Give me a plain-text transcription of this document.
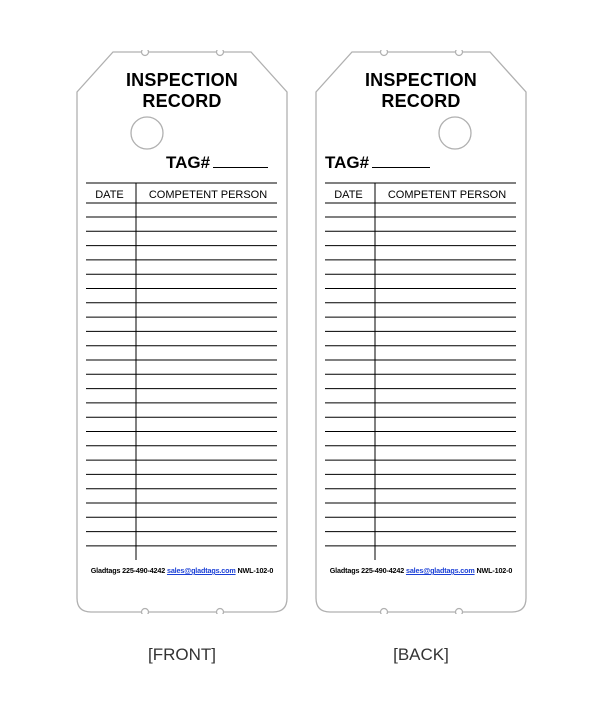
INSPECTION
RECORD
TAG#
DATE	COMPETENT PERSON
Gladtags 225-490-4242 sales@gladtags.com NWL-102-0
INSPECTION
RECORD
TAG#
DATE	COMPETENT PERSON
Gladtags 225-490-4242 sales@gladtags.com NWL-102-0
[FRONT]	[BACK]
